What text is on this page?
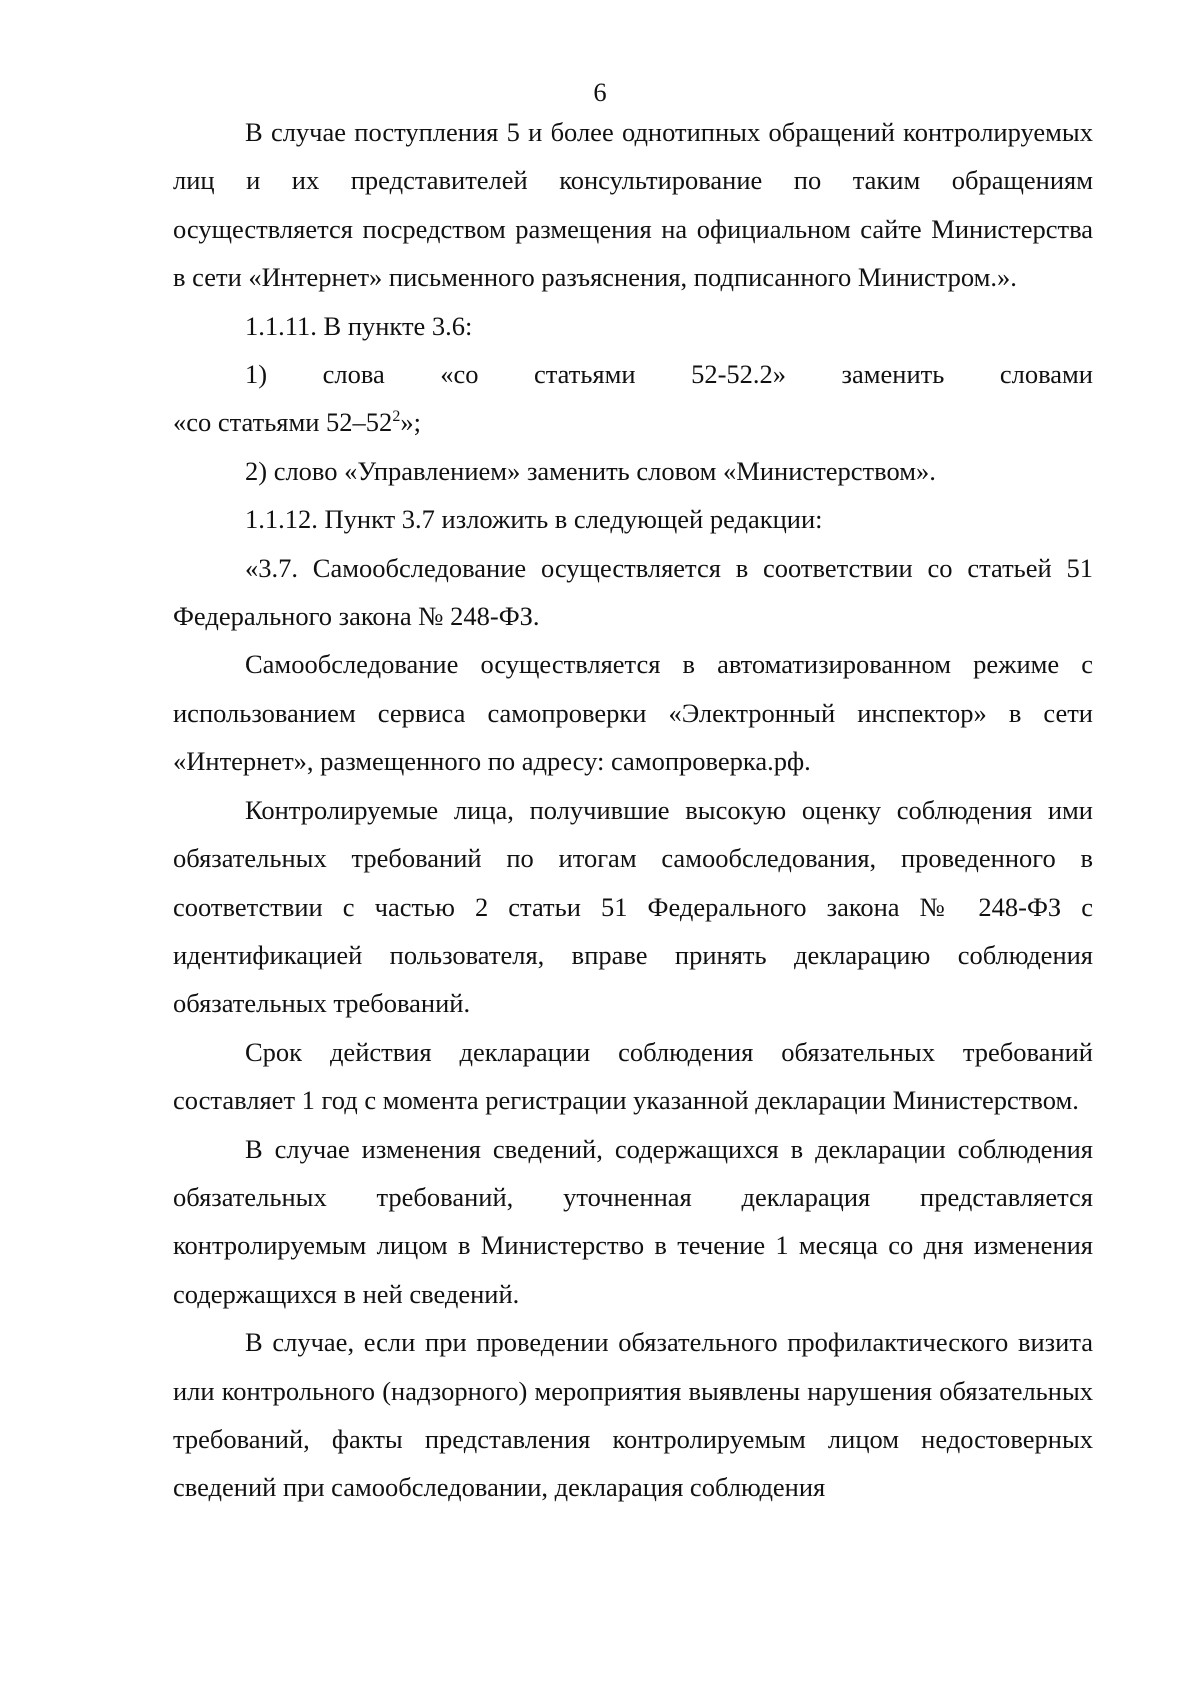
6

В случае поступления 5 и более однотипных обращений контролируемых лиц и их представителей консультирование по таким обращениям осуществляется посредством размещения на официальном сайте Министерства в сети «Интернет» письменного разъяснения, подписанного Министром.».

1.1.11. В пункте 3.6:

1) слова «со статьями 52-52.2» заменить словами

«со статьями $52-52^2$»;

2) слово «Управлением» заменить словом «Министерством».

1.1.12. Пункт 3.7 изложить в следующей редакции:

«3.7. Самообследование осуществляется в соответствии со статьей 51 Федерального закона № 248-ФЗ.

Самообследование осуществляется в автоматизированном режиме с использованием сервиса самопроверки «Электронный инспектор» в сети «Интернет», размещенного по адресу: самопроверка.рф.

Контролируемые лица, получившие высокую оценку соблюдения ими обязательных требований по итогам самообследования, проведенного в соответствии с частью 2 статьи 51 Федерального закона № 248-ФЗ с идентификацией пользователя, вправе принять декларацию соблюдения обязательных требований.

Срок действия декларации соблюдения обязательных требований составляет 1 год с момента регистрации указанной декларации Министерством.

В случае изменения сведений, содержащихся в декларации соблюдения обязательных требований, уточненная декларация представляется контролируемым лицом в Министерство в течение 1 месяца со дня изменения содержащихся в ней сведений.

В случае, если при проведении обязательного профилактического визита или контрольного (надзорного) мероприятия выявлены нарушения обязательных требований, факты представления контролируемым лицом недостоверных сведений при самообследовании, декларация соблюдения
